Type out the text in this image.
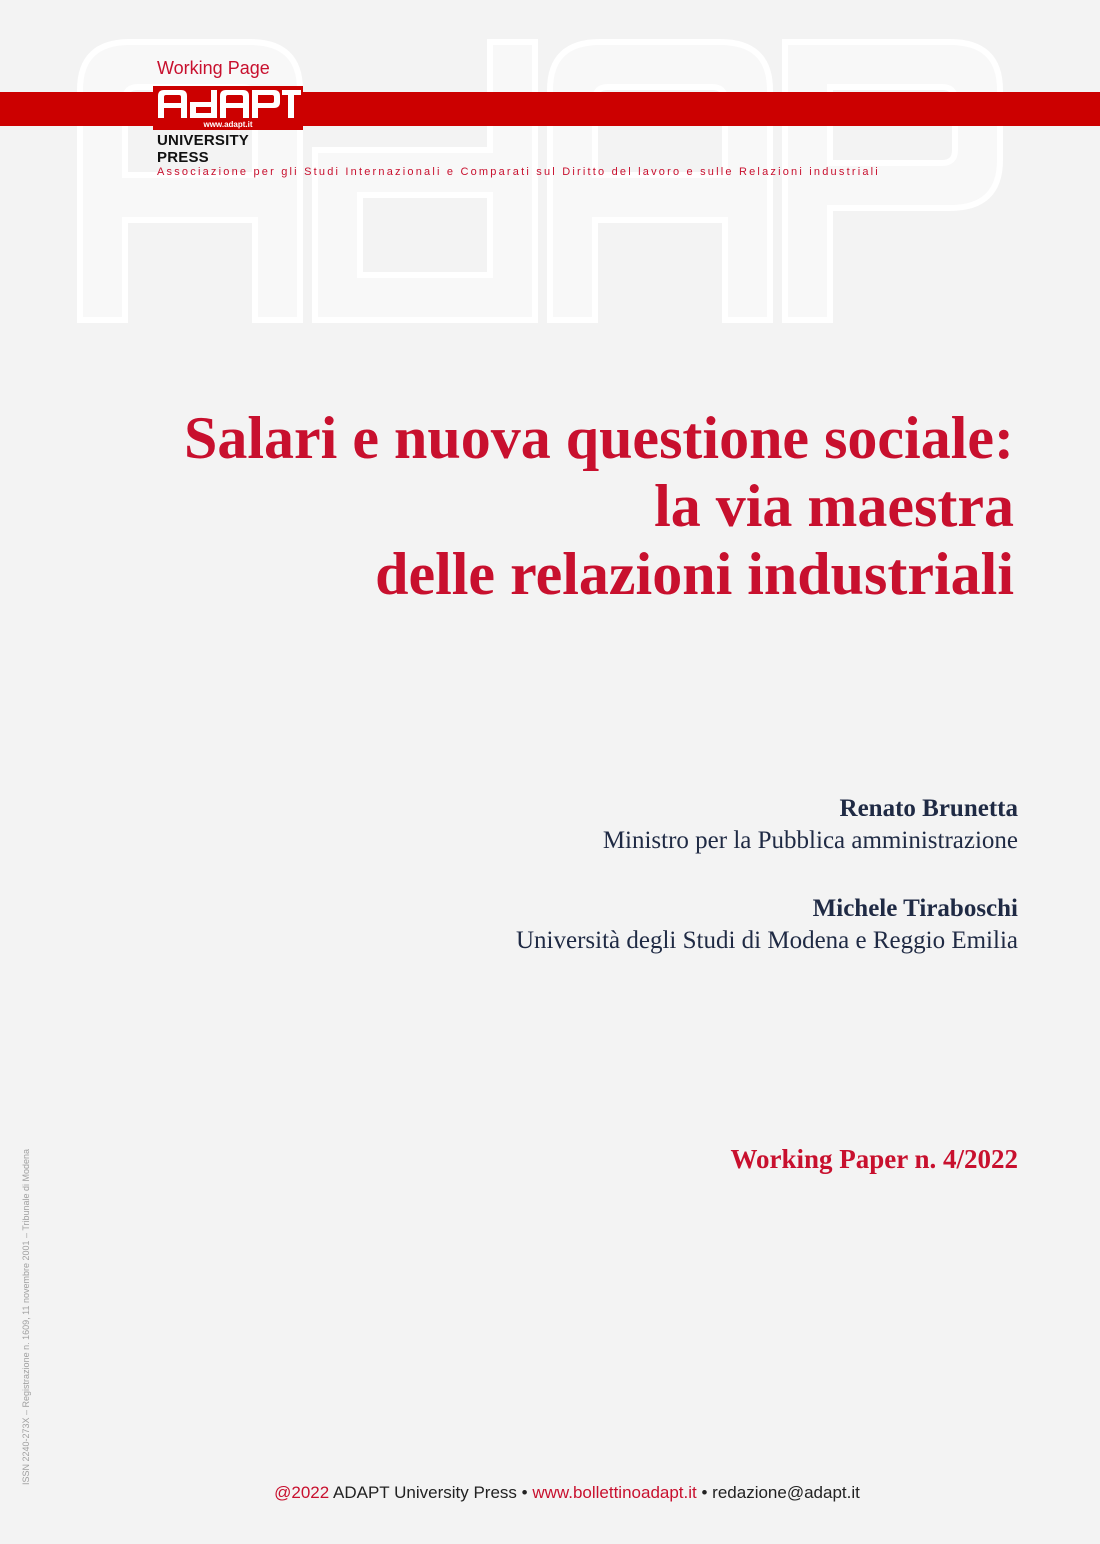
Working Page
www.adapt.it
UNIVERSITY PRESS
Associazione per gli Studi Internazionali e Comparati sul Diritto del lavoro e sulle Relazioni industriali
Salari e nuova questione sociale:
la via maestra
delle relazioni industriali
Renato Brunetta
Ministro per la Pubblica amministrazione
Michele Tiraboschi
Università degli Studi di Modena e Reggio Emilia
Working Paper n. 4/2022
ISSN 2240-273X – Registrazione n. 1609, 11 novembre 2001 – Tribunale di Modena
@2022 ADAPT University Press • www.bollettinoadapt.it • redazione@adapt.it
